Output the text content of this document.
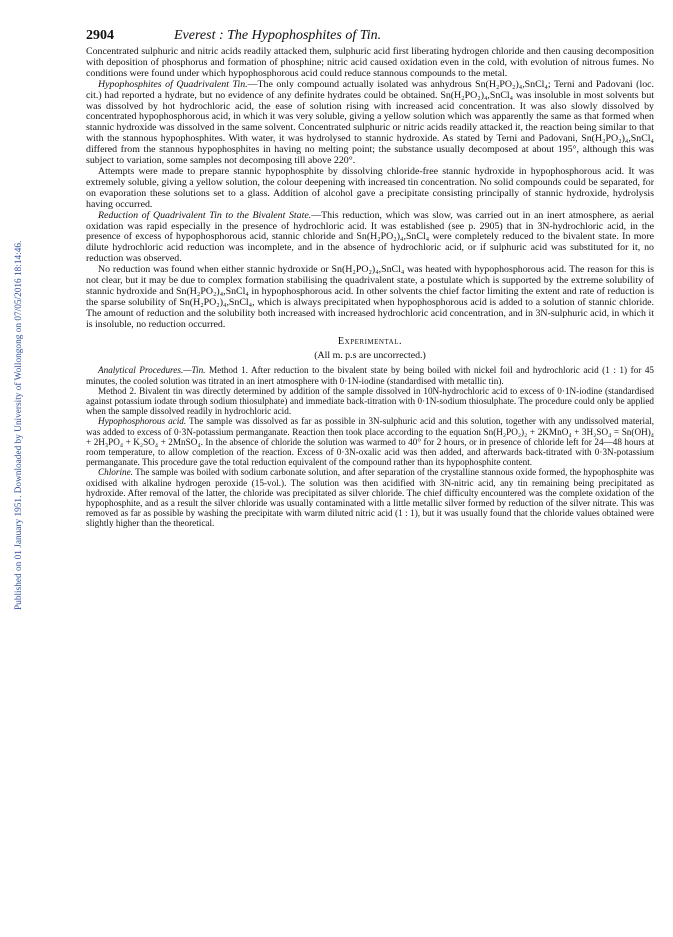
Published on 01 January 1951. Downloaded by University of Wollongong on 07/05/2016 18:14:46.
2904	Everest : The Hypophosphites of Tin.

Concentrated sulphuric and nitric acids readily attacked them, sulphuric acid first liberating hydrogen chloride and then causing decomposition with deposition of phosphorus and formation of phosphine; nitric acid caused oxidation even in the cold, with evolution of nitrous fumes. No conditions were found under which hypophosphorous acid could reduce stannous compounds to the metal.

Hypophosphites of Quadrivalent Tin.—The only compound actually isolated was anhydrous Sn(H₂PO₂)₄,SnCl₄; Terni and Padovani (loc. cit.) had reported a hydrate, but no evidence of any definite hydrates could be obtained. Sn(H₂PO₂)₄,SnCl₄ was insoluble in most solvents but was dissolved by hot hydrochloric acid, the ease of solution rising with increased acid concentration. It was also slowly dissolved by concentrated hypophosphorous acid, in which it was very soluble, giving a yellow solution which was apparently the same as that formed when stannic hydroxide was dissolved in the same solvent. Concentrated sulphuric or nitric acids readily attacked it, the reaction being similar to that with the stannous hypophosphites. With water, it was hydrolysed to stannic hydroxide. As stated by Terni and Padovani, Sn(H₂PO₂)₄,SnCl₄ differed from the stannous hypophosphites in having no melting point; the substance usually decomposed at about 195°, although this was subject to variation, some samples not decomposing till above 220°.

Attempts were made to prepare stannic hypophosphite by dissolving chloride-free stannic hydroxide in hypophosphorous acid. It was extremely soluble, giving a yellow solution, the colour deepening with increased tin concentration. No solid compounds could be separated, for on evaporation these solutions set to a glass. Addition of alcohol gave a precipitate consisting principally of stannic hydroxide, hydrolysis having occurred.

Reduction of Quadrivalent Tin to the Bivalent State.—This reduction, which was slow, was carried out in an inert atmosphere, as aerial oxidation was rapid especially in the presence of hydrochloric acid. It was established (see p. 2905) that in 3N-hydrochloric acid, in the presence of excess of hypophosphorous acid, stannic chloride and Sn(H₂PO₂)₄,SnCl₄ were completely reduced to the bivalent state. In more dilute hydrochloric acid reduction was incomplete, and in the absence of hydrochloric acid, or if sulphuric acid was substituted for it, no reduction was observed.

No reduction was found when either stannic hydroxide or Sn(H₂PO₂)₄,SnCl₄ was heated with hypophosphorous acid. The reason for this is not clear, but it may be due to complex formation stabilising the quadrivalent state, a postulate which is supported by the extreme solubility of stannic hydroxide and Sn(H₂PO₂)₄,SnCl₄ in hypophosphorous acid. In other solvents the chief factor limiting the extent and rate of reduction is the sparse solubility of Sn(H₂PO₂)₄,SnCl₄, which is always precipitated when hypophosphorous acid is added to a solution of stannic chloride. The amount of reduction and the solubility both increased with increased hydrochloric acid concentration, and in 3N-sulphuric acid, in which it is insoluble, no reduction occurred.

Experimental.
(All m. p.s are uncorrected.)

Analytical Procedures.—Tin. Method 1. After reduction to the bivalent state by being boiled with nickel foil and hydrochloric acid (1 : 1) for 45 minutes, the cooled solution was titrated in an inert atmosphere with 0·1N-iodine (standardised with metallic tin).

Method 2. Bivalent tin was directly determined by addition of the sample dissolved in 10N-hydrochloric acid to excess of 0·1N-iodine (standardised against potassium iodate through sodium thiosulphate) and immediate back-titration with 0·1N-sodium thiosulphate. The procedure could only be applied when the sample dissolved readily in hydrochloric acid.

Hypophosphorous acid. The sample was dissolved as far as possible in 3N-sulphuric acid and this solution, together with any undissolved material, was added to excess of 0·3N-potassium permanganate. Reaction then took place according to the equation Sn(H₂PO₂)₂ + 2KMnO₄ + 3H₂SO₄ = Sn(OH)₄ + 2H₃PO₄ + K₂SO₄ + 2MnSO₄. In the absence of chloride the solution was warmed to 40° for 2 hours, or in presence of chloride left for 24—48 hours at room temperature, to allow completion of the reaction. Excess of 0·3N-oxalic acid was then added, and afterwards back-titrated with 0·3N-potassium permanganate. This procedure gave the total reduction equivalent of the compound rather than its hypophosphite content.

Chlorine. The sample was boiled with sodium carbonate solution, and after separation of the crystalline stannous oxide formed, the hypophosphite was oxidised with alkaline hydrogen peroxide (15-vol.). The solution was then acidified with 3N-nitric acid, any tin remaining being precipitated as hydroxide. After removal of the latter, the chloride was precipitated as silver chloride. The chief difficulty encountered was the complete oxidation of the hypophosphite, and as a result the silver chloride was usually contaminated with a little metallic silver formed by reduction of the silver nitrate. This was removed as far as possible by washing the precipitate with warm diluted nitric acid (1 : 1), but it was usually found that the chloride values obtained were slightly higher than the theoretical.
